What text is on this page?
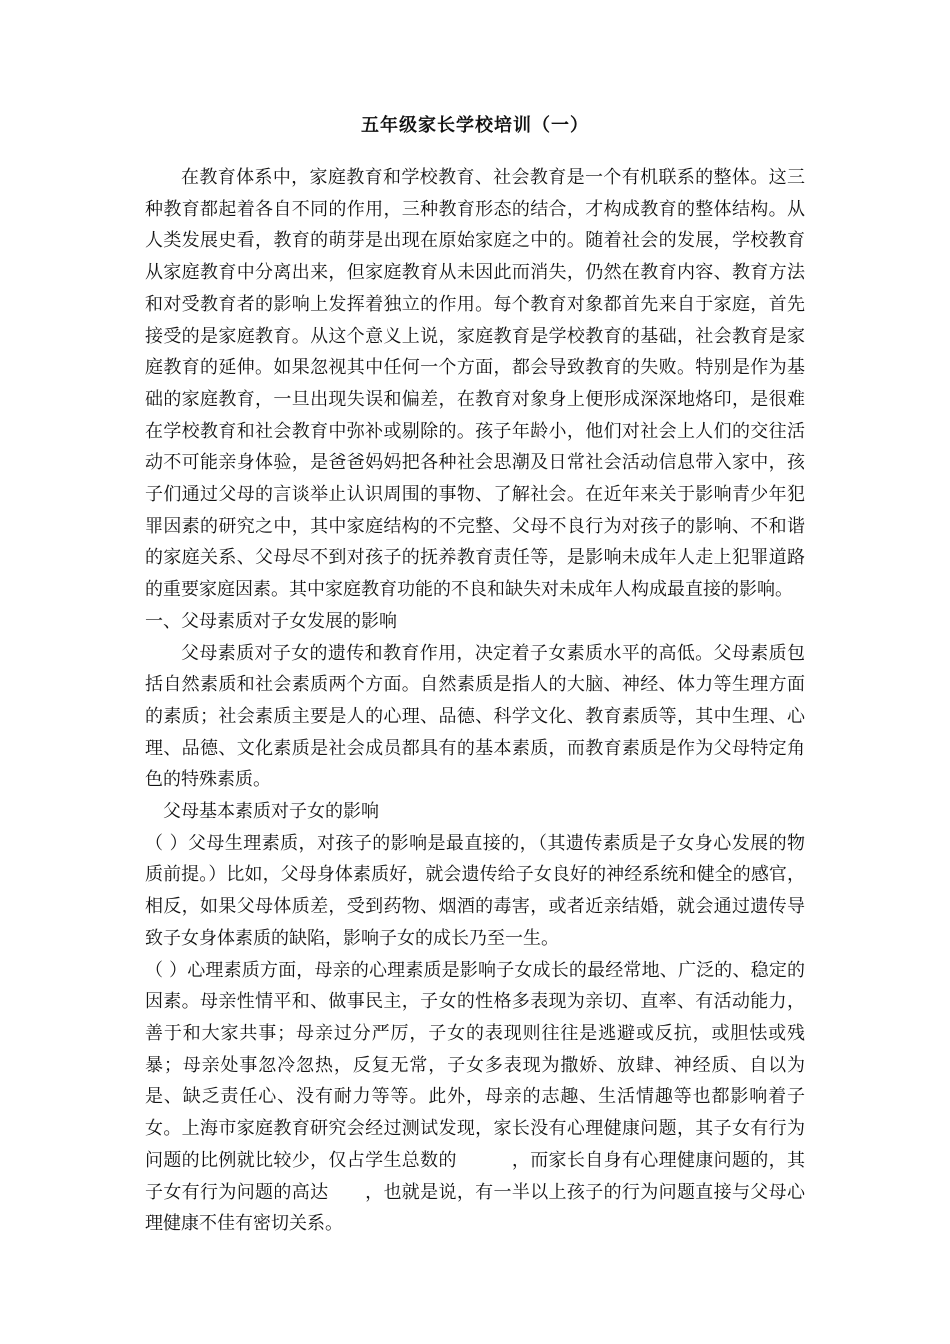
五年级家长学校培训（一）

在教育体系中，家庭教育和学校教育、社会教育是一个有机联系的整体。这三种教育都起着各自不同的作用，三种教育形态的结合，才构成教育的整体结构。从人类发展史看，教育的萌芽是出现在原始家庭之中的。随着社会的发展，学校教育从家庭教育中分离出来，但家庭教育从未因此而消失，仍然在教育内容、教育方法和对受教育者的影响上发挥着独立的作用。每个教育对象都首先来自于家庭，首先接受的是家庭教育。从这个意义上说，家庭教育是学校教育的基础，社会教育是家庭教育的延伸。如果忽视其中任何一个方面，都会导致教育的失败。特别是作为基础的家庭教育，一旦出现失误和偏差，在教育对象身上便形成深深地烙印，是很难在学校教育和社会教育中弥补或剔除的。孩子年龄小，他们对社会上人们的交往活动不可能亲身体验，是爸爸妈妈把各种社会思潮及日常社会活动信息带入家中，孩子们通过父母的言谈举止认识周围的事物、了解社会。在近年来关于影响青少年犯罪因素的研究之中，其中家庭结构的不完整、父母不良行为对孩子的影响、不和谐的家庭关系、父母尽不到对孩子的抚养教育责任等，是影响未成年人走上犯罪道路的重要家庭因素。其中家庭教育功能的不良和缺失对未成年人构成最直接的影响。

一、父母素质对子女发展的影响

父母素质对子女的遗传和教育作用，决定着子女素质水平的高低。父母素质包括自然素质和社会素质两个方面。自然素质是指人的大脑、神经、体力等生理方面的素质；社会素质主要是人的心理、品德、科学文化、教育素质等，其中生理、心理、品德、文化素质是社会成员都具有的基本素质，而教育素质是作为父母特定角色的特殊素质。

父母基本素质对子女的影响

（ ）父母生理素质，对孩子的影响是最直接的，（其遗传素质是子女身心发展的物质前提。）比如，父母身体素质好，就会遗传给子女良好的神经系统和健全的感官，相反，如果父母体质差，受到药物、烟酒的毒害，或者近亲结婚，就会通过遗传导致子女身体素质的缺陷，影响子女的成长乃至一生。

（ ）心理素质方面，母亲的心理素质是影响子女成长的最经常地、广泛的、稳定的因素。母亲性情平和、做事民主，子女的性格多表现为亲切、直率、有活动能力，善于和大家共事；母亲过分严厉，子女的表现则往往是逃避或反抗，或胆怯或残暴；母亲处事忽冷忽热，反复无常，子女多表现为撒娇、放肆、神经质、自以为是、缺乏责任心、没有耐力等等。此外，母亲的志趣、生活情趣等也都影响着子女。上海市家庭教育研究会经过测试发现，家长没有心理健康问题，其子女有行为问题的比例就比较少，仅占学生总数的　　　，而家长自身有心理健康问题的，其子女有行为问题的高达　　，也就是说，有一半以上孩子的行为问题直接与父母心理健康不佳有密切关系。
